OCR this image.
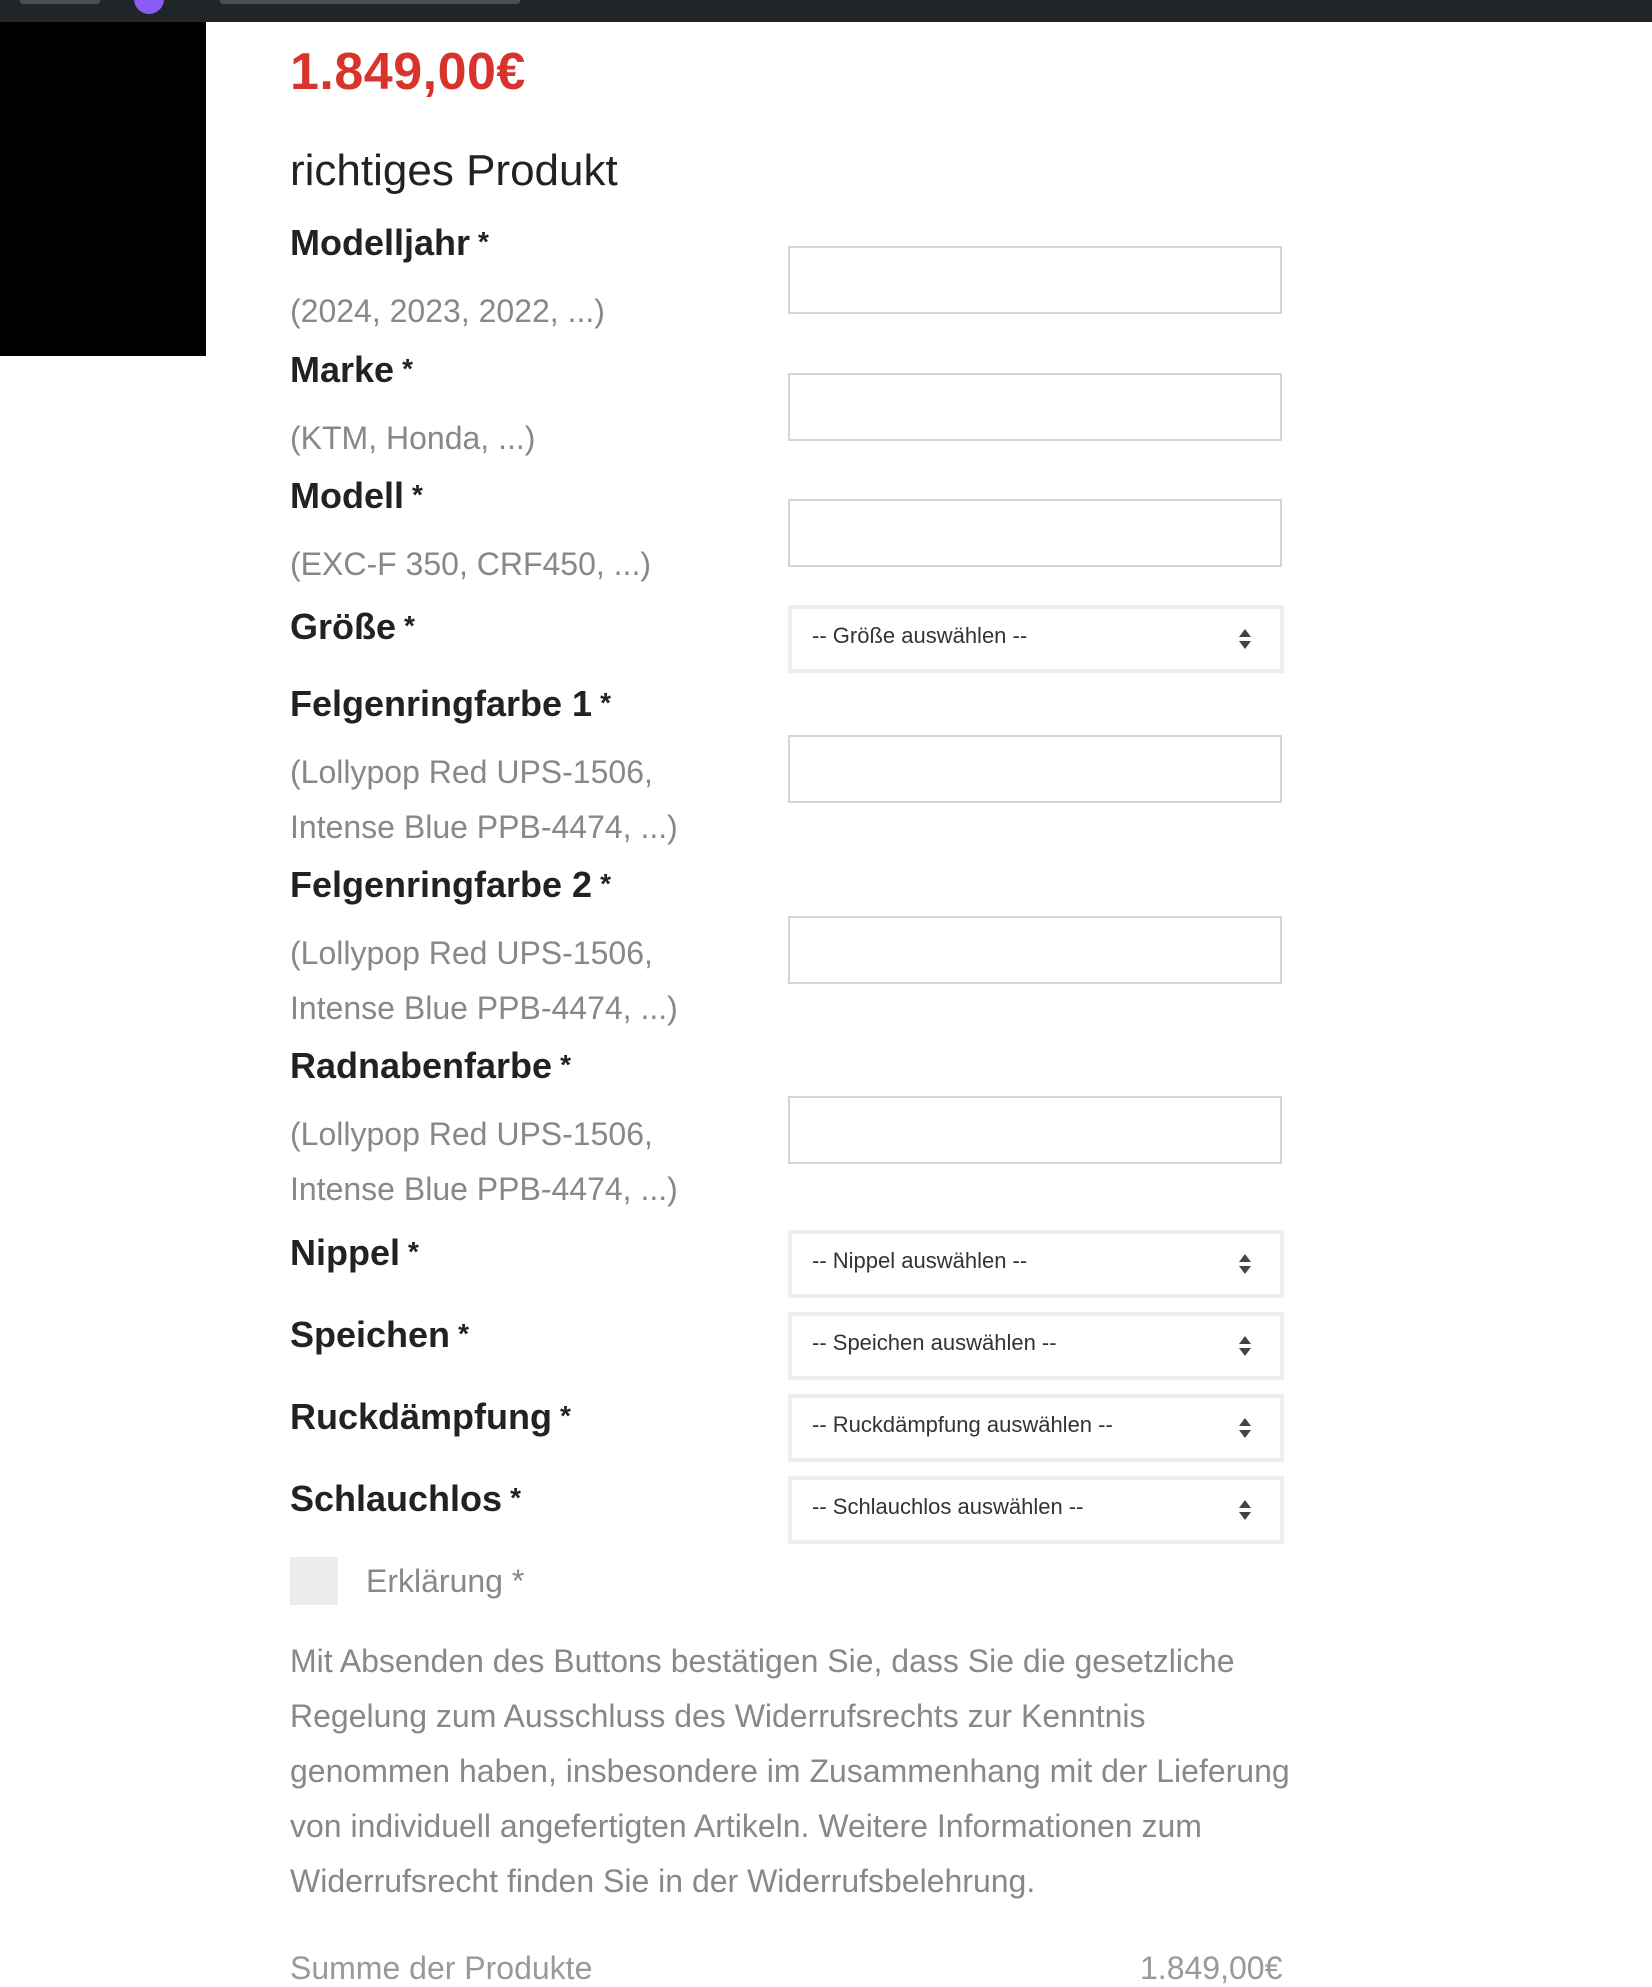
1.849,00€
richtiges Produkt
Modelljahr *
(2024, 2023, 2022, ...)
Marke *
(KTM, Honda, ...)
Modell *
(EXC-F 350, CRF450, ...)
Größe *	-- Größe auswählen --
Felgenringfarbe 1 *
(Lollypop Red UPS-1506, Intense Blue PPB-4474, ...)
Felgenringfarbe 2 *
(Lollypop Red UPS-1506, Intense Blue PPB-4474, ...)
Radnabenfarbe *
(Lollypop Red UPS-1506, Intense Blue PPB-4474, ...)
Nippel *	-- Nippel auswählen --
Speichen *	-- Speichen auswählen --
Ruckdämpfung *	-- Ruckdämpfung auswählen --
Schlauchlos *	-- Schlauchlos auswählen --
Erklärung *
Mit Absenden des Buttons bestätigen Sie, dass Sie die gesetzliche Regelung zum Ausschluss des Widerrufsrechts zur Kenntnis genommen haben, insbesondere im Zusammenhang mit der Lieferung von individuell angefertigten Artikeln. Weitere Informationen zum Widerrufsrecht finden Sie in der Widerrufsbelehrung.
Summe der Produkte	1.849,00€
